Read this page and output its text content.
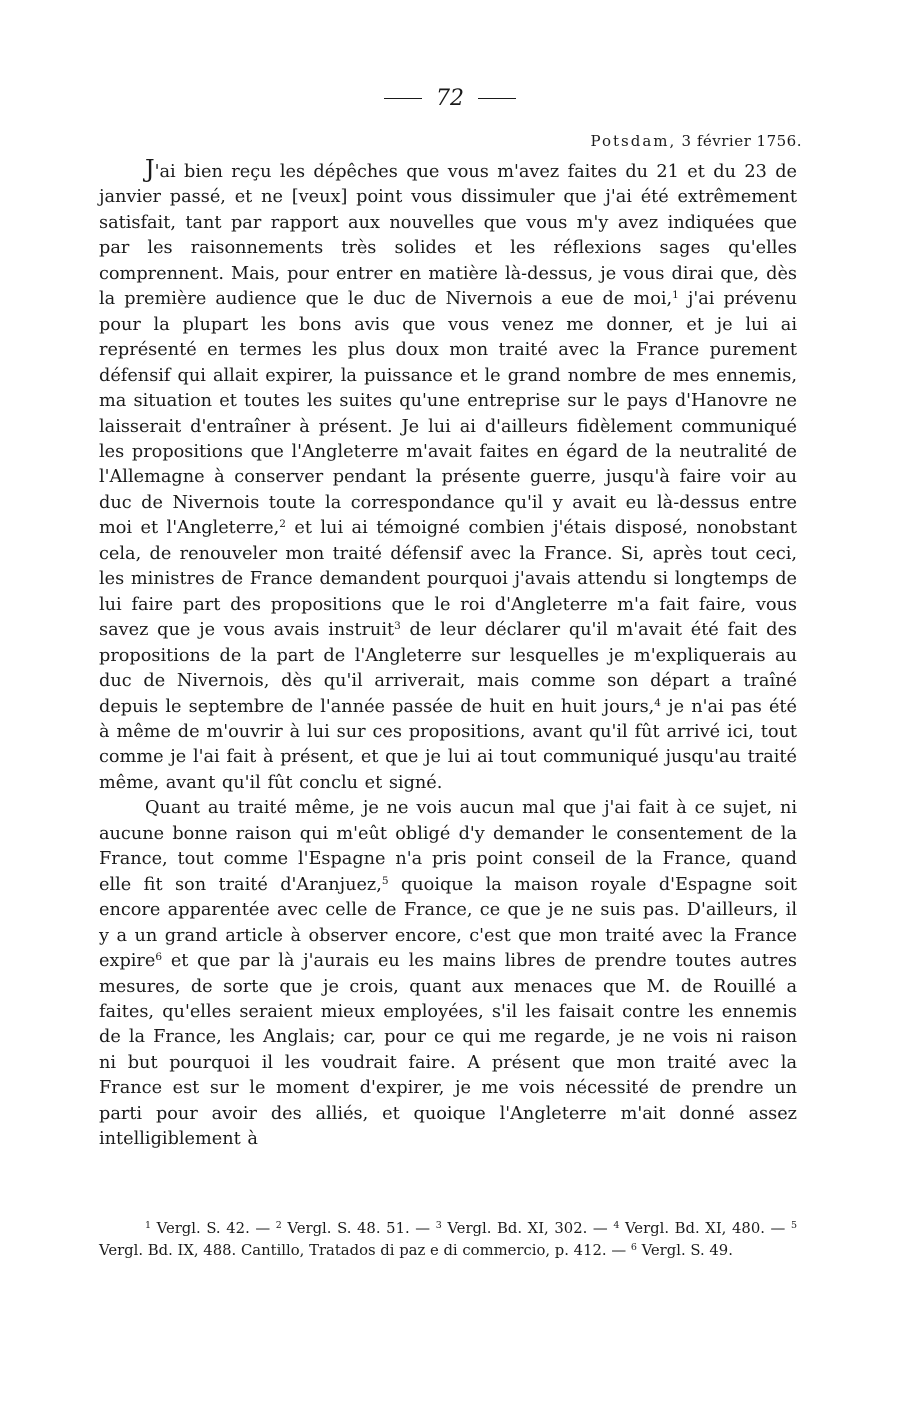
72
Potsdam, 3 février 1756.

J'ai bien reçu les dépêches que vous m'avez faites du 21 et du 23 de janvier passé, et ne [veux] point vous dissimuler que j'ai été extrêmement satisfait, tant par rapport aux nouvelles que vous m'y avez indiquées que par les raisonnements très solides et les réflexions sages qu'elles comprennent. Mais, pour entrer en matière là-dessus, je vous dirai que, dès la première audience que le duc de Nivernois a eue de moi,$^1$ j'ai prévenu pour la plupart les bons avis que vous venez me donner, et je lui ai représenté en termes les plus doux mon traité avec la France purement défensif qui allait expirer, la puissance et le grand nombre de mes ennemis, ma situation et toutes les suites qu'une entreprise sur le pays d'Hanovre ne laisserait d'entraîner à présent. Je lui ai d'ailleurs fidèlement communiqué les propositions que l'Angleterre m'avait faites en égard de la neutralité de l'Allemagne à conserver pendant la présente guerre, jusqu'à faire voir au duc de Nivernois toute la correspondance qu'il y avait eu là-dessus entre moi et l'Angleterre,$^2$ et lui ai témoigné combien j'étais disposé, nonobstant cela, de renouveler mon traité défensif avec la France. Si, après tout ceci, les ministres de France demandent pourquoi j'avais attendu si longtemps de lui faire part des propositions que le roi d'Angleterre m'a fait faire, vous savez que je vous avais instruit$^3$ de leur déclarer qu'il m'avait été fait des propositions de la part de l'Angleterre sur lesquelles je m'expliquerais au duc de Nivernois, dès qu'il arriverait, mais comme son départ a traîné depuis le septembre de l'année passée de huit en huit jours,$^4$ je n'ai pas été à même de m'ouvrir à lui sur ces propositions, avant qu'il fût arrivé ici, tout comme je l'ai fait à présent, et que je lui ai tout communiqué jusqu'au traité même, avant qu'il fût conclu et signé.

Quant au traité même, je ne vois aucun mal que j'ai fait à ce sujet, ni aucune bonne raison qui m'eût obligé d'y demander le consentement de la France, tout comme l'Espagne n'a pris point conseil de la France, quand elle fit son traité d'Aranjuez,$^5$ quoique la maison royale d'Espagne soit encore apparentée avec celle de France, ce que je ne suis pas. D'ailleurs, il y a un grand article à observer encore, c'est que mon traité avec la France expire$^6$ et que par là j'aurais eu les mains libres de prendre toutes autres mesures, de sorte que je crois, quant aux menaces que M. de Rouillé a faites, qu'elles seraient mieux employées, s'il les faisait contre les ennemis de la France, les Anglais; car, pour ce qui me regarde, je ne vois ni raison ni but pourquoi il les voudrait faire. A présent que mon traité avec la France est sur le moment d'expirer, je me vois nécessité de prendre un parti pour avoir des alliés, et quoique l'Angleterre m'ait donné assez intelligiblement à

$^1$ Vergl. S. 42. — $^2$ Vergl. S. 48. 51. — $^3$ Vergl. Bd. XI, 302. — $^4$ Vergl. Bd. XI, 480. — $^5$ Vergl. Bd. IX, 488. Cantillo, Tratados di paz e di commercio, p. 412. — $^6$ Vergl. S. 49.
